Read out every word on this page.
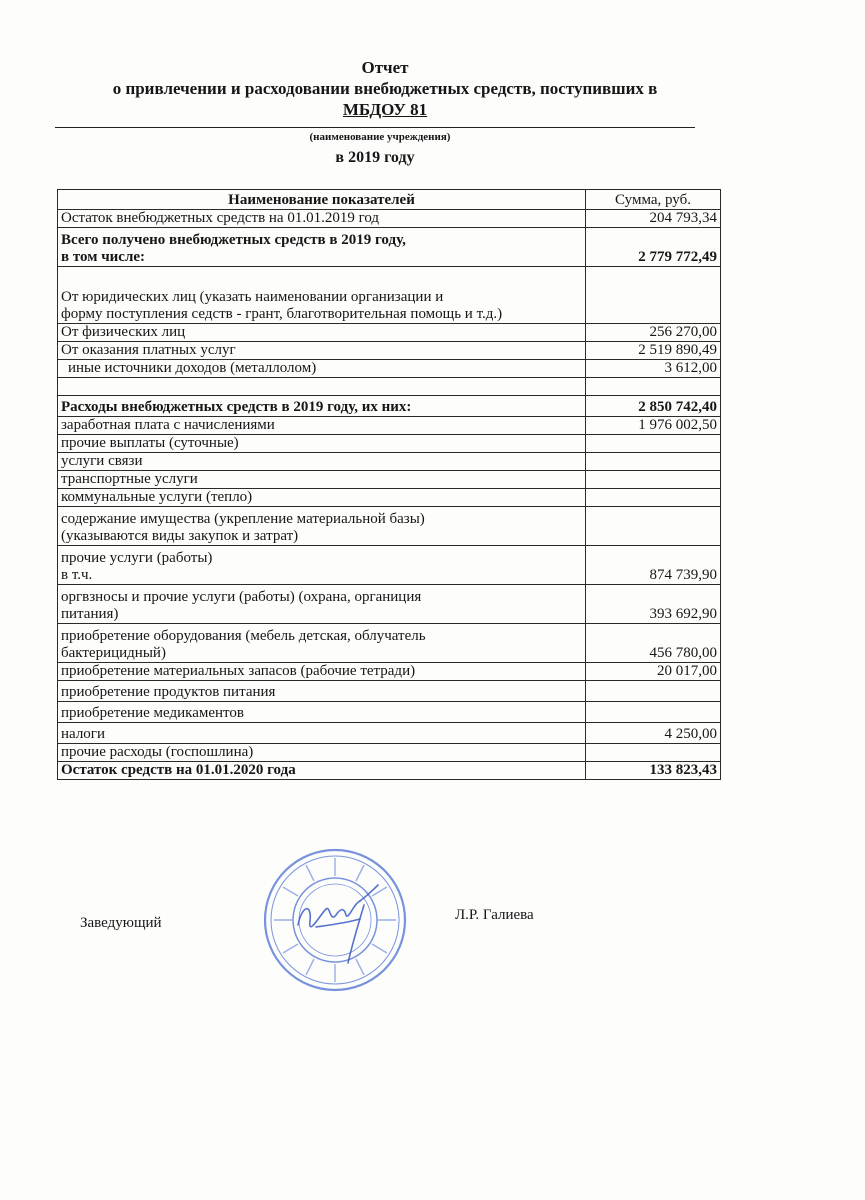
Отчет
о привлечении и расходовании внебюджетных средств, поступивших в
МБДОУ 81
(наименование учреждения)
в 2019 году
Наименование показателей	Сумма, руб.
Остаток внебюджетных средств на 01.01.2019 год	204 793,34

Всего получено внебюджетных средств в 2019 году,
в том числе:	2 779 772,49

От юридических лиц (указать наименовании организации и
форму поступления седств - грант, благотворительная помощь и т.д.)	

От физических лиц	256 270,00
От оказания платных услуг	2 519 890,49
иные источники доходов (металлолом)	3 612,00

Расходы внебюджетных средств в 2019 году, их них:	2 850 742,40
заработная плата с начислениями	1 976 002,50
прочие выплаты (суточные)	
услуги связи	
транспортные услуги	
коммунальные услуги (тепло)	

содержание имущества (укрепление материальной базы)
(указываются виды закупок и затрат)	

прочие услуги (работы)
в т.ч.	874 739,90

оргвзносы и прочие услуги (работы) (охрана, органиция
питания)	393 692,90

приобретение оборудования (мебель детская, облучатель
бактерицидный)	456 780,00
приобретение материальных запасов (рабочие тетради)	20 017,00
приобретение продуктов питания	
приобретение медикаментов	
налоги	4 250,00
прочие расходы (госпошлина)	
Остаток средств на 01.01.2020 года	133 823,43
Заведующий	Л.Р. Галиева
